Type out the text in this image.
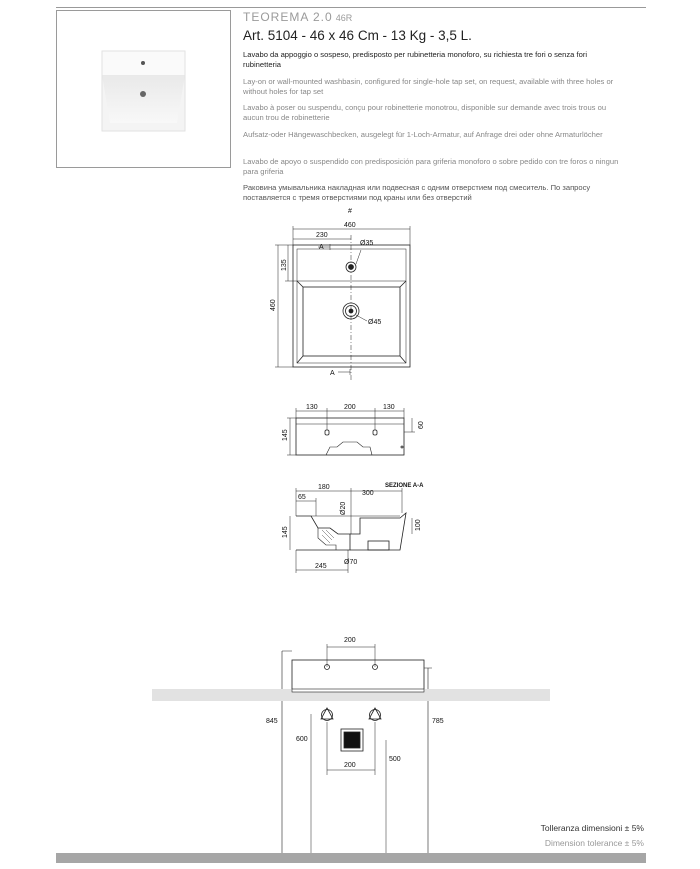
TEOREMA 2.0 46R
Art. 5104 - 46 x 46 Cm - 13 Kg - 3,5 L.
Lavabo da appoggio o sospeso, predisposto per rubinetteria monoforo, su richiesta tre fori o senza fori rubinetteria
Lay-on or wall-mounted washbasin, configured for single-hole tap set, on request, available with three holes or without holes for tap set
Lavabo à poser ou suspendu, conçu pour robinetterie monotrou, disponible sur demande avec trois trous ou aucun trou de robinetterie
Aufsatz-oder Hängewaschbecken, ausgelegt für 1-Loch-Armatur, auf Anfrage drei oder ohne Armaturlöcher
Lavabo de apoyo o suspendido con predisposición para griferia monoforo o sobre pedido con tre foros o ningun para griferia
Раковина умывальника накладная или подвесная с одним отверстием под смеситель. По запросу поставляется с тремя отверстиями под краны или без отверстий
#
460
230
Ø35
A
Ø45
A
135
460
130	200	130
145
60
SEZIONE A-A
180
300
65
Ø20
145
100
245
Ø70
200
845	785
600
200
500
Tolleranza dimensioni ± 5%
Dimension tolerance ± 5%
